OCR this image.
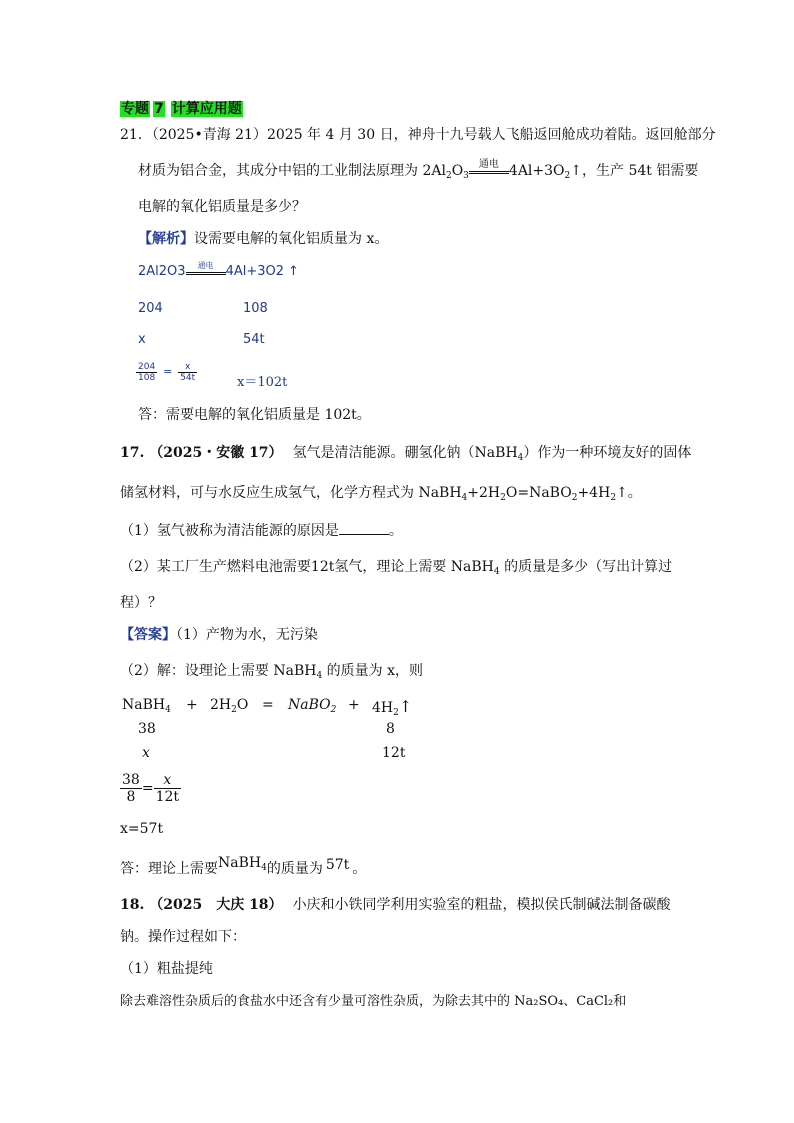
专题 7 计算应用题
21．（2025•青海 21）2025 年 4 月 30 日，神舟十九号载人飞船返回舱成功着陆。返回舱部分
材质为铝合金，其成分中铝的工业制法原理为 $2Al_2O_3$
通电 $4Al+3O_2↑$，生产 54t 铝需要
电解的氧化铝质量是多少？
【解析】设需要电解的氧化铝质量为 x。
2Al2O3	通电 4Al+3O2 ↑
204	108
x	54t
$\frac{204}{108} = \frac{x}{54t}$	x＝102t
答：需要电解的氧化铝质量是 102t。
17. （2025・安徽 17） 氢气是清洁能源。硼氢化钠（NaBH$_4$）作为一种环境友好的固体
储氢材料，可与水反应生成氢气，化学方程式为 $NaBH_4+2H_2O=NaBO_2+4H_2↑$。
（1）氢气被称为清洁能源的原因是	。
（2）某工厂生产燃料电池需要12t氢气，理论上需要 NaBH$_4$ 的质量是多少（写出计算过
程）？
【答案】（1）产物为水，无污染
（2）解：设理论上需要 NaBH$_4$ 的质量为 x，则
NaBH$_4$ + $2H_2O$ = NaBO$_2$ + $4H_2↑$
38	8
x	12t
$\frac{38}{8} = \frac{x}{12t}$
x=57t
答：理论上需要NaBH$_4$的质量为 57t 。
18. （2025　大庆 18） 小庆和小铁同学利用实验室的粗盐，模拟侯氏制碱法制备碳酸
钠。操作过程如下：
（1）粗盐提纯
除去难溶性杂质后的食盐水中还含有少量可溶性杂质，为除去其中的 Na₂SO₄、CaCl₂和
